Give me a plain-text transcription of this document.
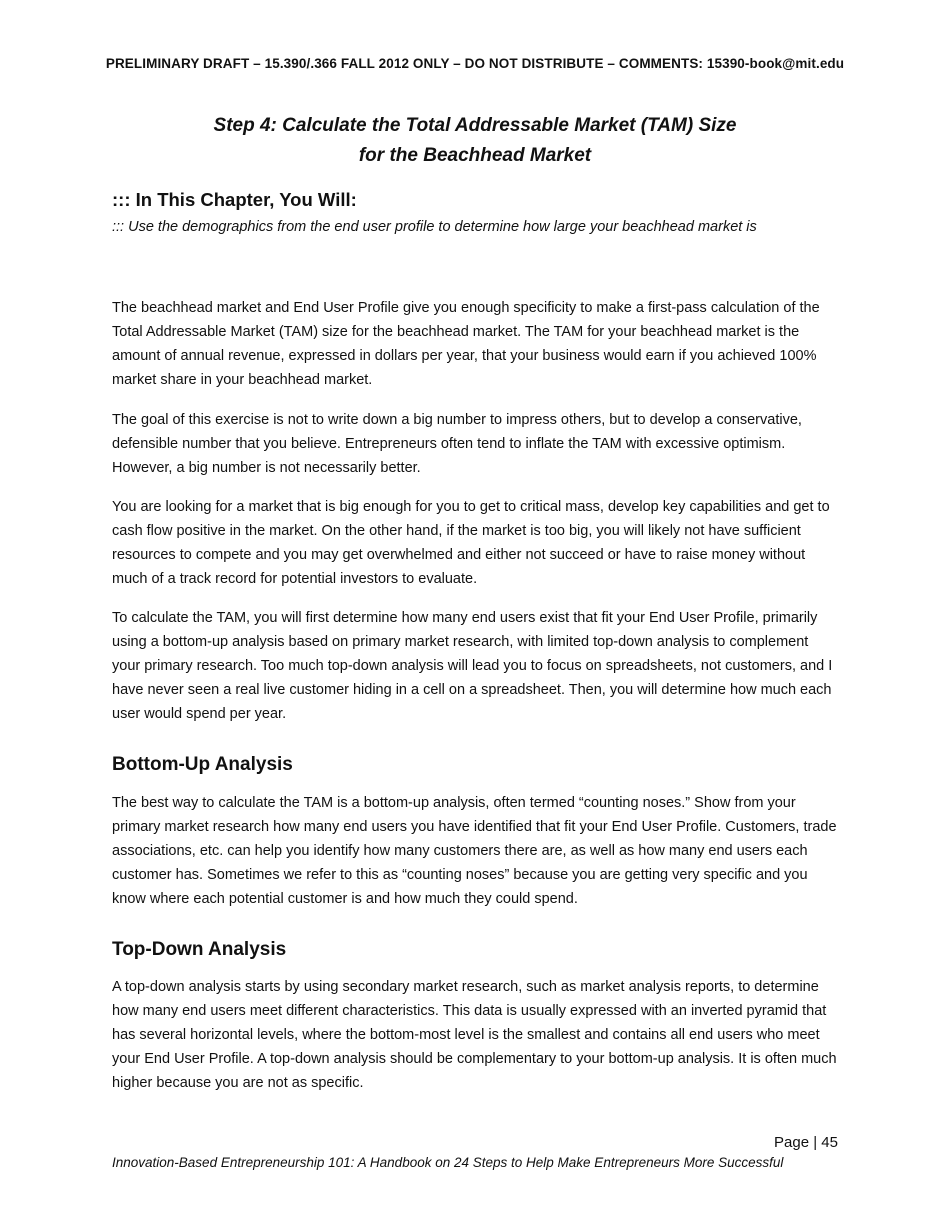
PRELIMINARY DRAFT – 15.390/.366 FALL 2012 ONLY – DO NOT DISTRIBUTE – COMMENTS: 15390-book@mit.edu
Step 4: Calculate the Total Addressable Market (TAM) Size
for the Beachhead Market
::: In This Chapter, You Will:
::: Use the demographics from the end user profile to determine how large your beachhead market is

The beachhead market and End User Profile give you enough specificity to make a first-pass calculation of the Total Addressable Market (TAM) size for the beachhead market. The TAM for your beachhead market is the amount of annual revenue, expressed in dollars per year, that your business would earn if you achieved 100% market share in your beachhead market.

The goal of this exercise is not to write down a big number to impress others, but to develop a conservative, defensible number that you believe. Entrepreneurs often tend to inflate the TAM with excessive optimism. However, a big number is not necessarily better.

You are looking for a market that is big enough for you to get to critical mass, develop key capabilities and get to cash flow positive in the market. On the other hand, if the market is too big, you will likely not have sufficient resources to compete and you may get overwhelmed and either not succeed or have to raise money without much of a track record for potential investors to evaluate.

To calculate the TAM, you will first determine how many end users exist that fit your End User Profile, primarily using a bottom-up analysis based on primary market research, with limited top-down analysis to complement your primary research. Too much top-down analysis will lead you to focus on spreadsheets, not customers, and I have never seen a real live customer hiding in a cell on a spreadsheet. Then, you will determine how much each user would spend per year.

Bottom-Up Analysis

The best way to calculate the TAM is a bottom-up analysis, often termed “counting noses.” Show from your primary market research how many end users you have identified that fit your End User Profile. Customers, trade associations, etc. can help you identify how many customers there are, as well as how many end users each customer has. Sometimes we refer to this as “counting noses” because you are getting very specific and you know where each potential customer is and how much they could spend.

Top-Down Analysis

A top-down analysis starts by using secondary market research, such as market analysis reports, to determine how many end users meet different characteristics. This data is usually expressed with an inverted pyramid that has several horizontal levels, where the bottom-most level is the smallest and contains all end users who meet your End User Profile. A top-down analysis should be complementary to your bottom-up analysis. It is often much higher because you are not as specific.

Page | 45
Innovation-Based Entrepreneurship 101: A Handbook on 24 Steps to Help Make Entrepreneurs More Successful
